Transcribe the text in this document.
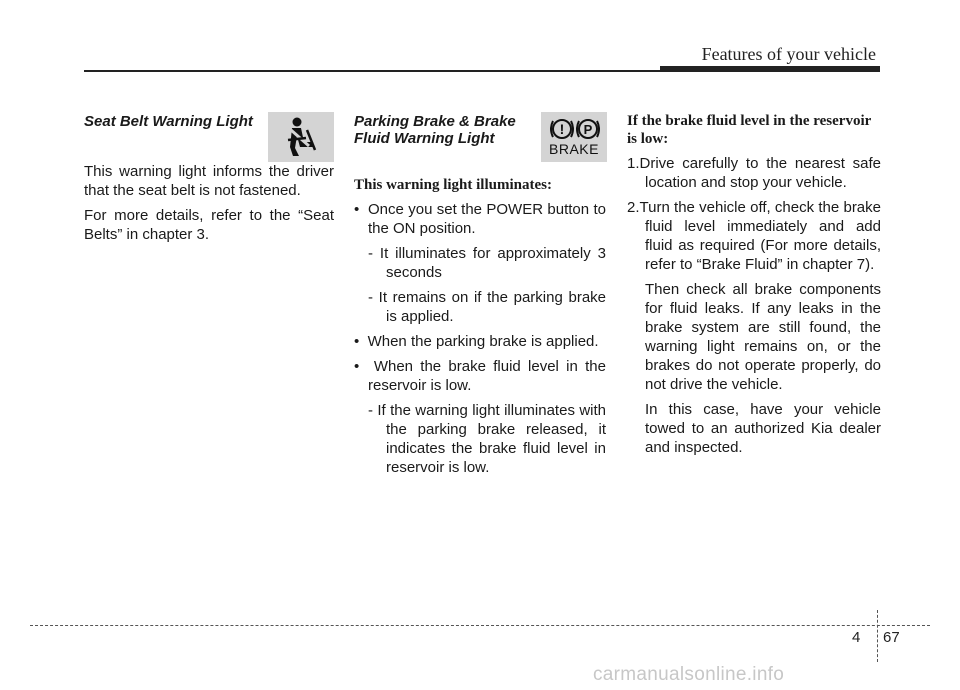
Features of your vehicle

Seat Belt Warning Light

This warning light informs the driver that the seat belt is not fastened.

For more details, refer to the “Seat Belts” in chapter 3.

! P
BRAKE

Parking Brake & Brake
Fluid Warning Light

This warning light illuminates:

•  Once you set the POWER button to the ON position.

- It illuminates for approximately 3 seconds

- It remains on if the parking brake is applied.

•  When the parking brake is applied.

•  When the brake fluid level in the reservoir is low.

- If the warning light illuminates with the parking brake released, it indicates the brake fluid level in reservoir is low.

If the brake fluid level in the reservoir is low:

1.Drive carefully to the nearest safe location and stop your vehicle.

2.Turn the vehicle off, check the brake fluid level immediately and add fluid as required (For more details, refer to “Brake Fluid” in chapter 7).

Then check all brake components for fluid leaks. If any leaks in the brake system are still found, the warning light remains on, or the brakes do not operate properly, do not drive the vehicle.

In this case, have your vehicle towed to an authorized Kia dealer and inspected.

4 67
carmanualsonline.info
